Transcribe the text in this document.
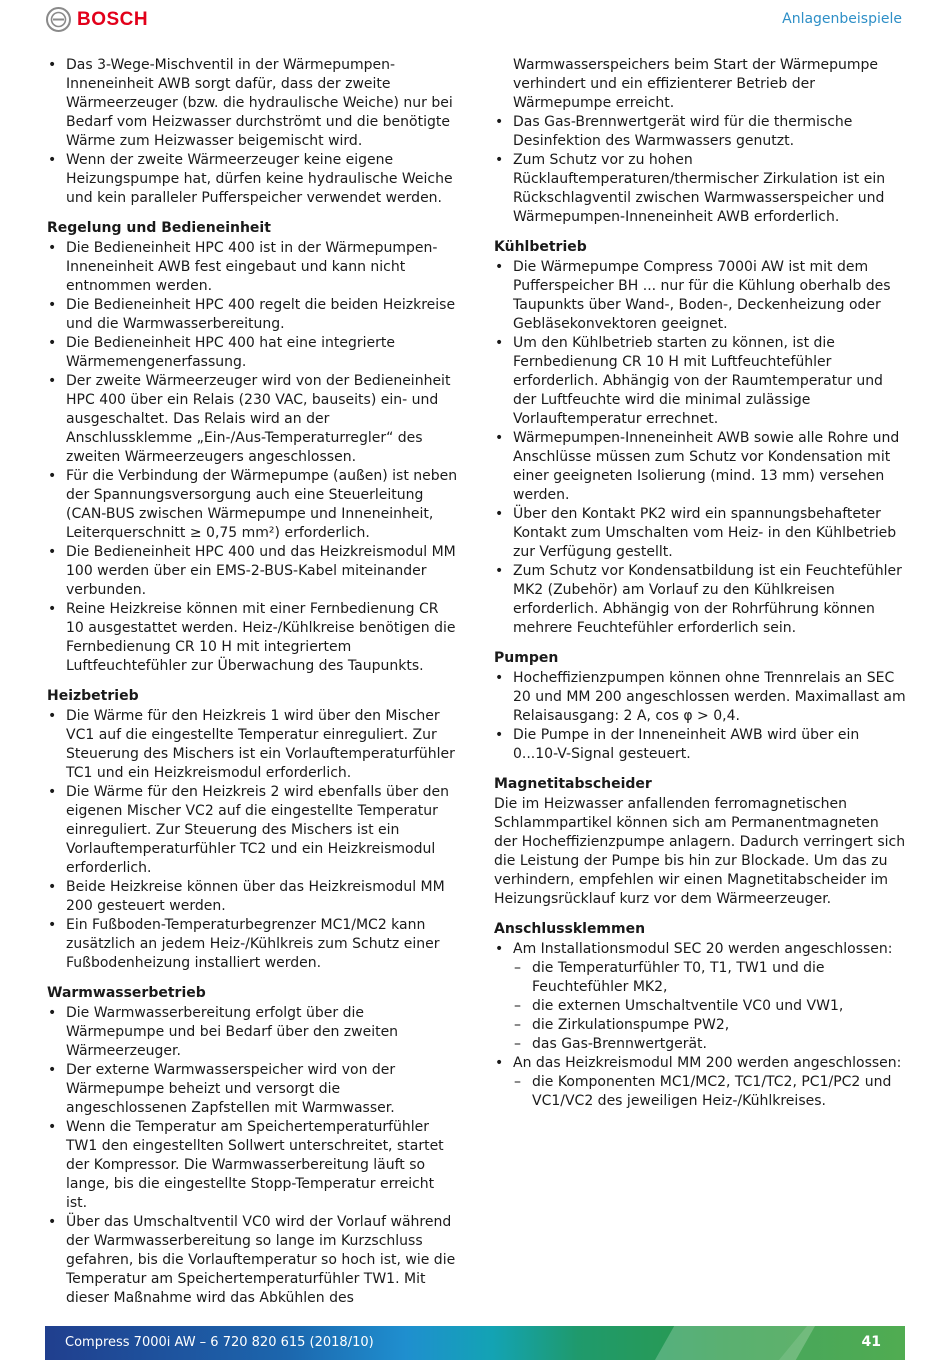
BOSCH	Anlagenbeispiele
• Das 3-Wege-Mischventil in der Wärmepumpen-Inneneinheit AWB sorgt dafür, dass der zweite Wärmeerzeuger (bzw. die hydraulische Weiche) nur bei Bedarf vom Heizwasser durchströmt und die benötigte Wärme zum Heizwasser beigemischt wird.
• Wenn der zweite Wärmeerzeuger keine eigene Heizungspumpe hat, dürfen keine hydraulische Weiche und kein paralleler Pufferspeicher verwendet werden.
Regelung und Bedieneinheit
• Die Bedieneinheit HPC 400 ist in der Wärmepumpen-Inneneinheit AWB fest eingebaut und kann nicht entnommen werden.
• Die Bedieneinheit HPC 400 regelt die beiden Heizkreise und die Warmwasserbereitung.
• Die Bedieneinheit HPC 400 hat eine integrierte Wärmemengenerfassung.
• Der zweite Wärmeerzeuger wird von der Bedieneinheit HPC 400 über ein Relais (230 VAC, bauseits) ein- und ausgeschaltet. Das Relais wird an der Anschlussklemme „Ein-/Aus-Temperaturregler“ des zweiten Wärmeerzeugers angeschlossen.
• Für die Verbindung der Wärmepumpe (außen) ist neben der Spannungsversorgung auch eine Steuerleitung (CAN-BUS zwischen Wärmepumpe und Inneneinheit, Leiterquerschnitt ≥ 0,75 mm²) erforderlich.
• Die Bedieneinheit HPC 400 und das Heizkreismodul MM 100 werden über ein EMS-2-BUS-Kabel miteinander verbunden.
• Reine Heizkreise können mit einer Fernbedienung CR 10 ausgestattet werden. Heiz-/Kühlkreise benötigen die Fernbedienung CR 10 H mit integriertem Luftfeuchtefühler zur Überwachung des Taupunkts.
Heizbetrieb
• Die Wärme für den Heizkreis 1 wird über den Mischer VC1 auf die eingestellte Temperatur einreguliert. Zur Steuerung des Mischers ist ein Vorlauftemperaturfühler TC1 und ein Heizkreismodul erforderlich.
• Die Wärme für den Heizkreis 2 wird ebenfalls über den eigenen Mischer VC2 auf die eingestellte Temperatur einreguliert. Zur Steuerung des Mischers ist ein Vorlauftemperaturfühler TC2 und ein Heizkreismodul erforderlich.
• Beide Heizkreise können über das Heizkreismodul MM 200 gesteuert werden.
• Ein Fußboden-Temperaturbegrenzer MC1/MC2 kann zusätzlich an jedem Heiz-/Kühlkreis zum Schutz einer Fußbodenheizung installiert werden.
Warmwasserbetrieb
• Die Warmwasserbereitung erfolgt über die Wärmepumpe und bei Bedarf über den zweiten Wärmeerzeuger.
• Der externe Warmwasserspeicher wird von der Wärmepumpe beheizt und versorgt die angeschlossenen Zapfstellen mit Warmwasser.
• Wenn die Temperatur am Speichertemperaturfühler TW1 den eingestellten Sollwert unterschreitet, startet der Kompressor. Die Warmwasserbereitung läuft so lange, bis die eingestellte Stopp-Temperatur erreicht ist.
• Über das Umschaltventil VC0 wird der Vorlauf während der Warmwasserbereitung so lange im Kurzschluss gefahren, bis die Vorlauftemperatur so hoch ist, wie die Temperatur am Speichertemperaturfühler TW1. Mit dieser Maßnahme wird das Abkühlen des

Warmwasserspeichers beim Start der Wärmepumpe verhindert und ein effizienterer Betrieb der Wärmepumpe erreicht.

• Das Gas-Brennwertgerät wird für die thermische Desinfektion des Warmwassers genutzt.
• Zum Schutz vor zu hohen Rücklauftemperaturen/thermischer Zirkulation ist ein Rückschlagventil zwischen Warmwasserspeicher und Wärmepumpen-Inneneinheit AWB erforderlich.
Kühlbetrieb
• Die Wärmepumpe Compress 7000i AW ist mit dem Pufferspeicher BH ... nur für die Kühlung oberhalb des Taupunkts über Wand-, Boden-, Deckenheizung oder Gebläsekonvektoren geeignet.
• Um den Kühlbetrieb starten zu können, ist die Fernbedienung CR 10 H mit Luftfeuchtefühler erforderlich. Abhängig von der Raumtemperatur und der Luftfeuchte wird die minimal zulässige Vorlauftemperatur errechnet.
• Wärmepumpen-Inneneinheit AWB sowie alle Rohre und Anschlüsse müssen zum Schutz vor Kondensation mit einer geeigneten Isolierung (mind. 13 mm) versehen werden.
• Über den Kontakt PK2 wird ein spannungsbehafteter Kontakt zum Umschalten vom Heiz- in den Kühlbetrieb zur Verfügung gestellt.
• Zum Schutz vor Kondensatbildung ist ein Feuchtefühler MK2 (Zubehör) am Vorlauf zu den Kühlkreisen erforderlich. Abhängig von der Rohrführung können mehrere Feuchtefühler erforderlich sein.
Pumpen
• Hocheffizienzpumpen können ohne Trennrelais an SEC 20 und MM 200 angeschlossen werden. Maximallast am Relaisausgang: 2 A, cos φ > 0,4.
• Die Pumpe in der Inneneinheit AWB wird über ein 0...10-V-Signal gesteuert.
Magnetitabscheider

Die im Heizwasser anfallenden ferromagnetischen Schlammpartikel können sich am Permanentmagneten der Hocheffizienzpumpe anlagern. Dadurch verringert sich die Leistung der Pumpe bis hin zur Blockade. Um das zu verhindern, empfehlen wir einen Magnetitabscheider im Heizungsrücklauf kurz vor dem Wärmeerzeuger.

Anschlussklemmen
• Am Installationsmodul SEC 20 werden angeschlossen:
– die Temperaturfühler T0, T1, TW1 und die Feuchtefühler MK2,
– die externen Umschaltventile VC0 und VW1,
– die Zirkulationspumpe PW2,
– das Gas-Brennwertgerät.
• An das Heizkreismodul MM 200 werden angeschlossen:
– die Komponenten MC1/MC2, TC1/TC2, PC1/PC2 und VC1/VC2 des jeweiligen Heiz-/Kühlkreises.
Compress 7000i AW – 6 720 820 615 (2018/10)	41
